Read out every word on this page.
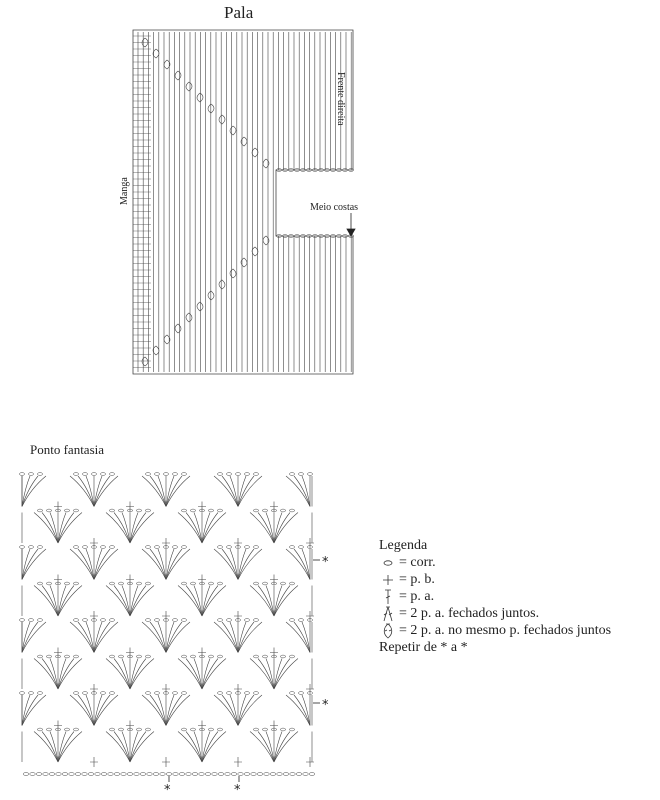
Pala
Frente direita
Manga
Meio costas
Ponto fantasia
*
*
*	*
Legenda
= corr.
= p. b.
= p. a.
= 2 p. a. fechados juntos.
= 2 p. a. no mesmo p. fechados juntos
Repetir de * a *
